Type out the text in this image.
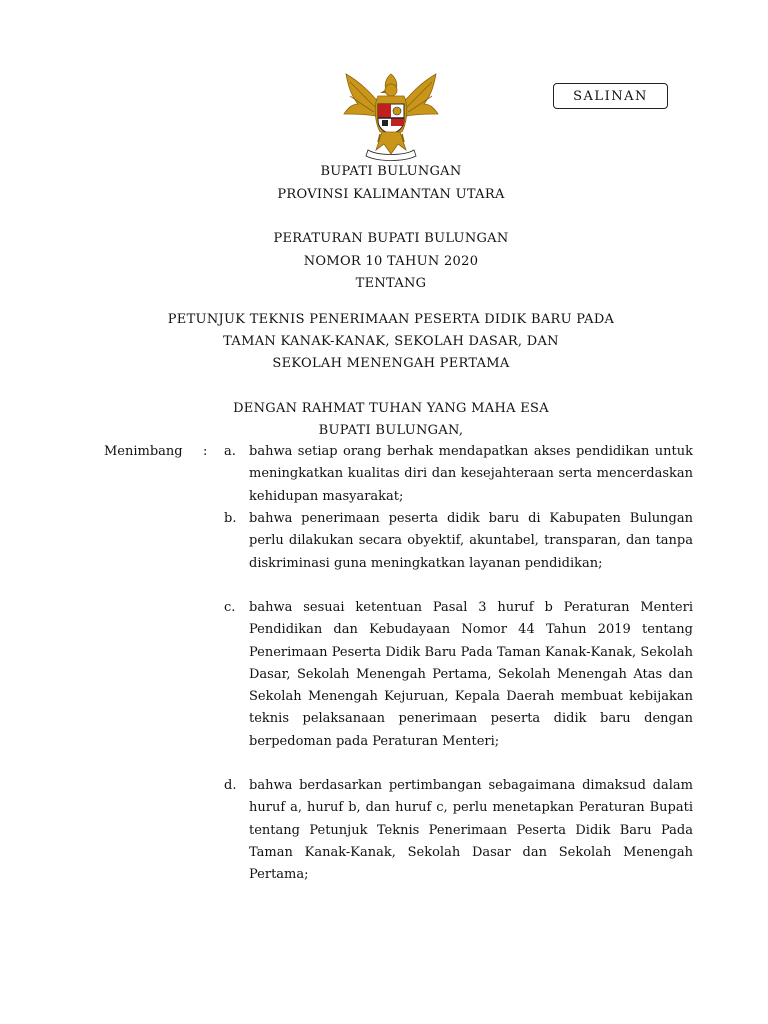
SALINAN
BUPATI BULUNGAN
PROVINSI KALIMANTAN UTARA
PERATURAN BUPATI BULUNGAN
NOMOR 10 TAHUN 2020
TENTANG
PETUNJUK TEKNIS PENERIMAAN PESERTA DIDIK BARU PADA
TAMAN KANAK-KANAK, SEKOLAH DASAR, DAN
SEKOLAH MENENGAH PERTAMA
DENGAN RAHMAT TUHAN YANG MAHA ESA
BUPATI BULUNGAN,
Menimbang : a. bahwa setiap orang berhak mendapatkan akses pendidikan untuk meningkatkan kualitas diri dan kesejahteraan serta mencerdaskan kehidupan masyarakat;
b. bahwa penerimaan peserta didik baru di Kabupaten Bulungan perlu dilakukan secara obyektif, akuntabel, transparan, dan tanpa diskriminasi guna meningkatkan layanan pendidikan;
c. bahwa sesuai ketentuan Pasal 3 huruf b Peraturan Menteri Pendidikan dan Kebudayaan Nomor 44 Tahun 2019 tentang Penerimaan Peserta Didik Baru Pada Taman Kanak-Kanak, Sekolah Dasar, Sekolah Menengah Pertama, Sekolah Menengah Atas dan Sekolah Menengah Kejuruan, Kepala Daerah membuat kebijakan teknis pelaksanaan penerimaan peserta didik baru dengan berpedoman pada Peraturan Menteri;
d. bahwa berdasarkan pertimbangan sebagaimana dimaksud dalam huruf a, huruf b, dan huruf c, perlu menetapkan Peraturan Bupati tentang Petunjuk Teknis Penerimaan Peserta Didik Baru Pada Taman Kanak-Kanak, Sekolah Dasar dan Sekolah Menengah Pertama;
